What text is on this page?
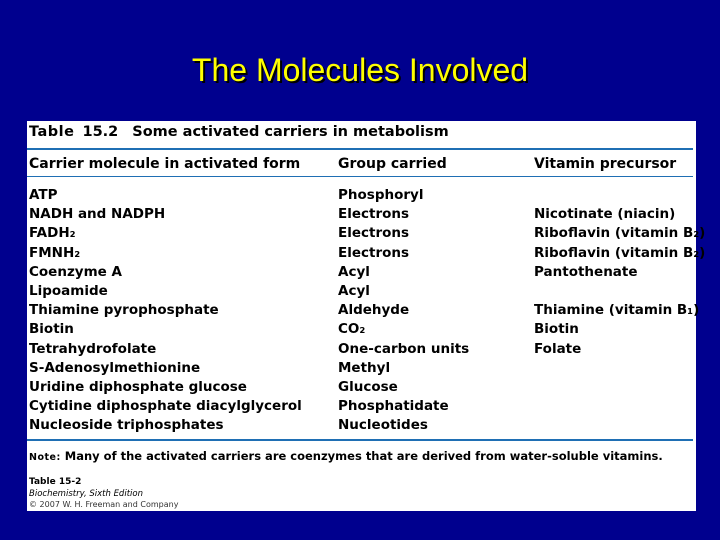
The Molecules Involved
Table 15.2 Some activated carriers in metabolism
Carrier molecule in activated form	Group carried	Vitamin precursor
ATP	Phosphoryl
NADH and NADPH	Electrons	Nicotinate (niacin)
FADH₂	Electrons	Riboflavin (vitamin B₂)
FMNH₂	Electrons	Riboflavin (vitamin B₂)
Coenzyme A	Acyl	Pantothenate
Lipoamide	Acyl
Thiamine pyrophosphate	Aldehyde	Thiamine (vitamin B₁)
Biotin	CO₂	Biotin
Tetrahydrofolate	One-carbon units	Folate
S-Adenosylmethionine	Methyl
Uridine diphosphate glucose	Glucose
Cytidine diphosphate diacylglycerol	Phosphatidate
Nucleoside triphosphates	Nucleotides
Note: Many of the activated carriers are coenzymes that are derived from water-soluble vitamins.
Table 15-2
Biochemistry, Sixth Edition
© 2007 W. H. Freeman and Company
